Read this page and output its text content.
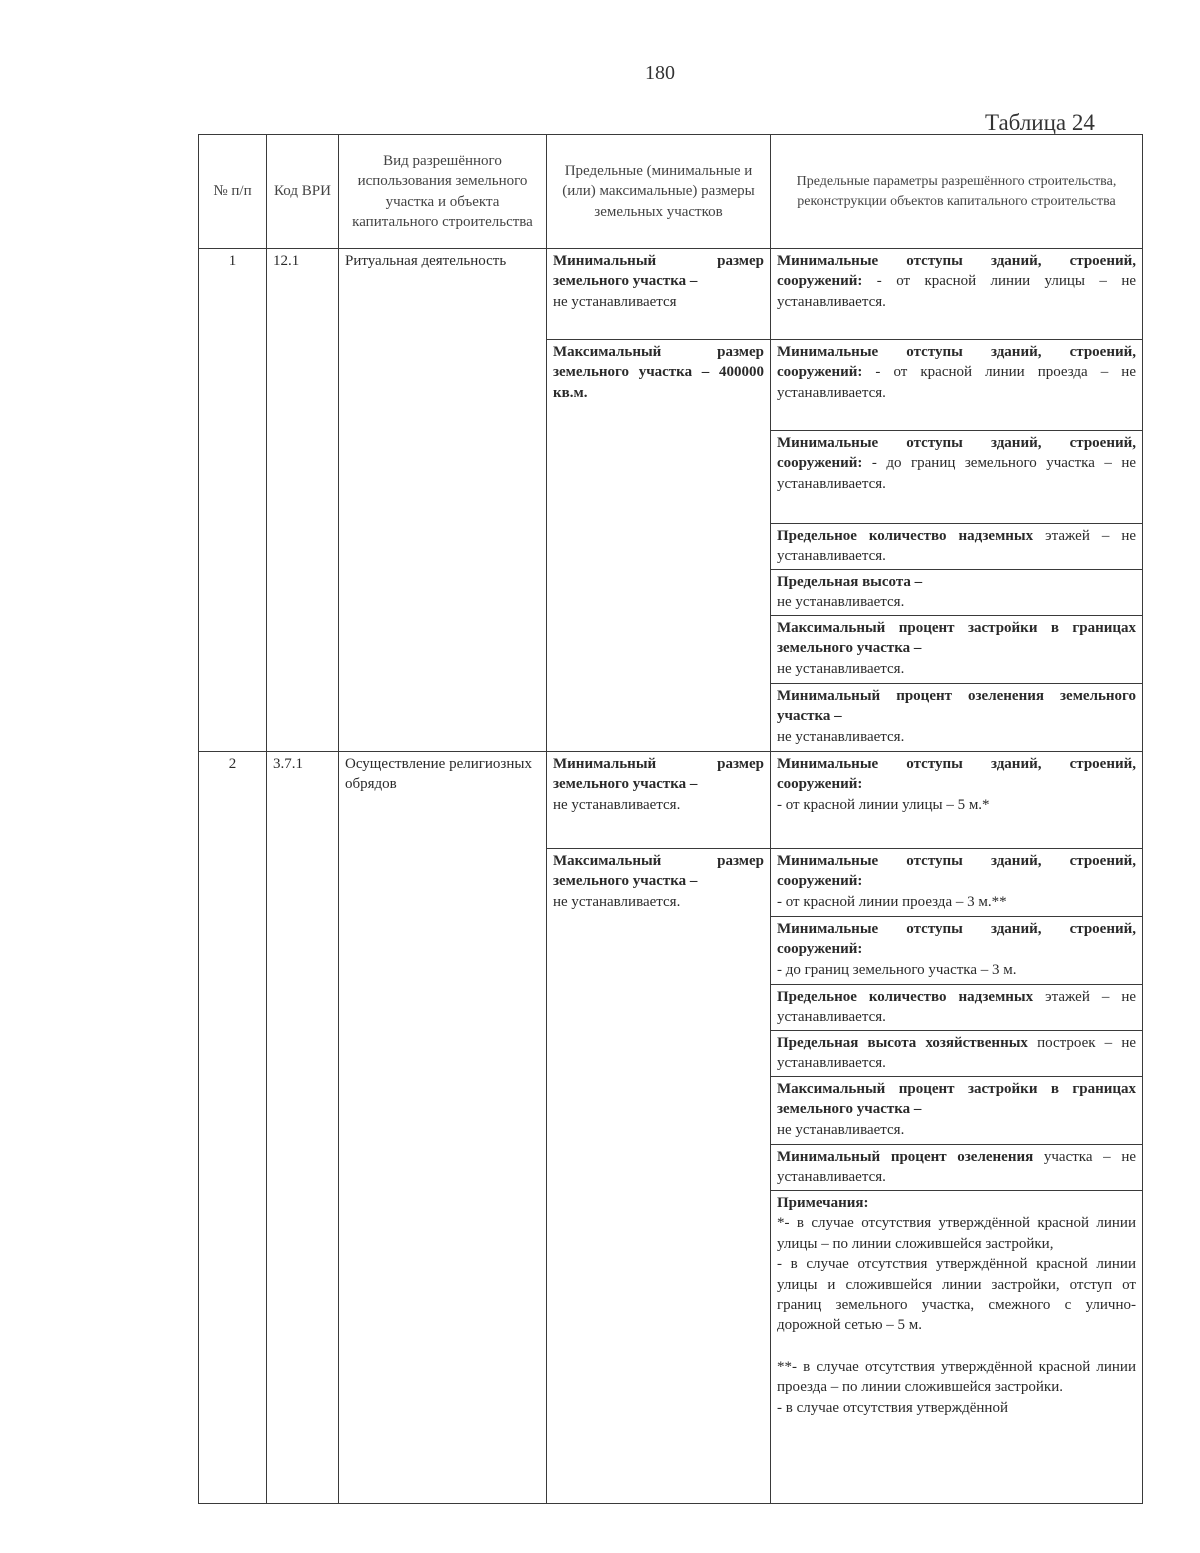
180
Таблица 24
№ п/п	Код ВРИ	Вид разрешённого использования земельного участка и объекта капитального строительства	Предельные (минимальные и (или) максимальные) размеры земельных участков	Предельные параметры разрешённого строительства, реконструкции объектов капитального строительства
1	12.1	Ритуальная деятельность	Минимальный размер земельного участка –
не устанавливается	Минимальные отступы зданий, строений, сооружений: - от красной линии улицы – не устанавливается.
			Максимальный размер земельного участка – 400000 кв.м.	Минимальные отступы зданий, строений, сооружений: - от красной линии проезда – не устанавливается.
				Минимальные отступы зданий, строений, сооружений: - до границ земельного участка – не устанавливается.
				Предельное количество надземных этажей – не устанавливается.
				Предельная высота –
не устанавливается.
				Максимальный процент застройки в границах земельного участка –
не устанавливается.
				Минимальный процент озеленения земельного участка –
не устанавливается.
2	3.7.1	Осуществление религиозных обрядов	Минимальный размер земельного участка –
не устанавливается.	Минимальные отступы зданий, строений, сооружений:
- от красной линии улицы – 5 м.*
			Максимальный размер земельного участка –
не устанавливается.	Минимальные отступы зданий, строений, сооружений:
- от красной линии проезда – 3 м.**
				Минимальные отступы зданий, строений, сооружений:
- до границ земельного участка – 3 м.
				Предельное количество надземных этажей – не устанавливается.
				Предельная высота хозяйственных построек – не устанавливается.
				Максимальный процент застройки в границах земельного участка –
не устанавливается.
				Минимальный процент озеленения участка – не устанавливается.
				Примечания:

*- в случае отсутствия утверждённой красной линии улицы – по линии сложившейся застройки,

- в случае отсутствия утверждённой красной линии улицы и сложившейся линии застройки, отступ от границ земельного участка, смежного с улично-дорожной сетью – 5 м.

**- в случае отсутствия утверждённой красной линии проезда – по линии сложившейся застройки.

- в случае отсутствия утверждённой
